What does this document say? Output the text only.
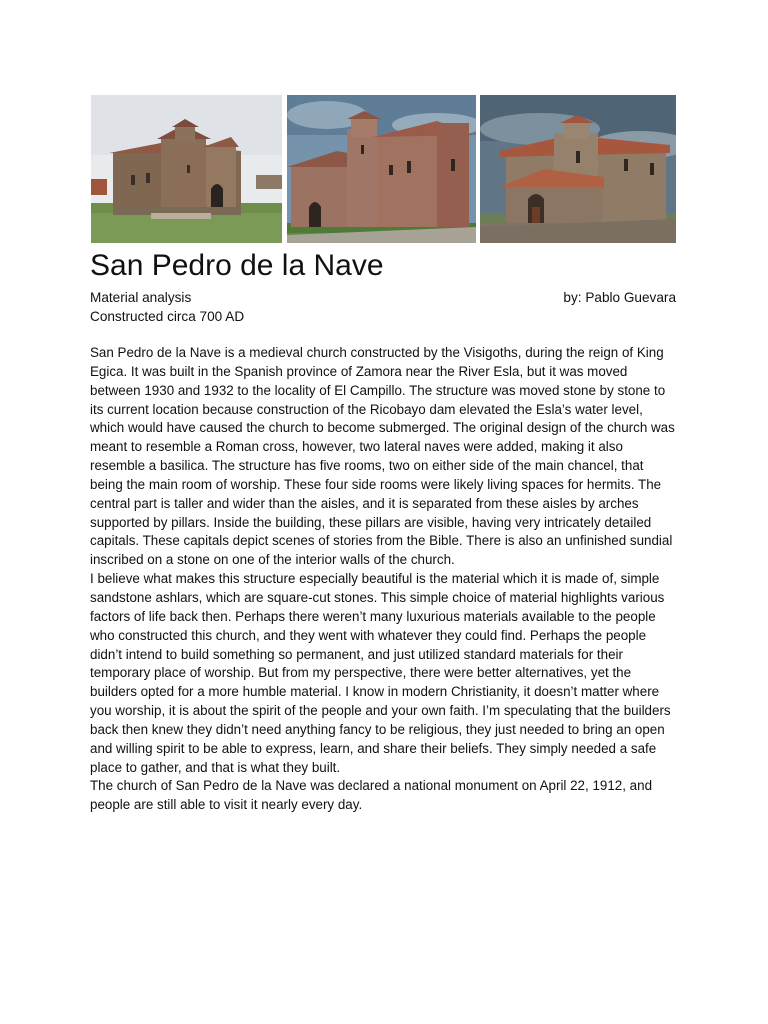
San Pedro de la Nave
Material analysis	by: Pablo Guevara
Constructed circa 700 AD

San Pedro de la Nave is a medieval church constructed by the Visigoths, during the reign of King Egica. It was built in the Spanish province of Zamora near the River Esla, but it was moved between 1930 and 1932 to the locality of El Campillo. The structure was moved stone by stone to its current location because construction of the Ricobayo dam elevated the Esla’s water level, which would have caused the church to become submerged. The original design of the church was meant to resemble a Roman cross, however, two lateral naves were added, making it also resemble a basilica. The structure has five rooms, two on either side of the main chancel, that being the main room of worship. These four side rooms were likely living spaces for hermits. The central part is taller and wider than the aisles, and it is separated from these aisles by arches supported by pillars. Inside the building, these pillars are visible, having very intricately detailed capitals. These capitals depict scenes of stories from the Bible. There is also an unfinished sundial inscribed on a stone on one of the interior walls of the church.

I believe what makes this structure especially beautiful is the material which it is made of, simple sandstone ashlars, which are square-cut stones. This simple choice of material highlights various factors of life back then. Perhaps there weren’t many luxurious materials available to the people who constructed this church, and they went with whatever they could find. Perhaps the people didn’t intend to build something so permanent, and just utilized standard materials for their temporary place of worship. But from my perspective, there were better alternatives, yet the builders opted for a more humble material. I know in modern Christianity, it doesn’t matter where you worship, it is about the spirit of the people and your own faith. I’m speculating that the builders back then knew they didn’t need anything fancy to be religious, they just needed to bring an open and willing spirit to be able to express, learn, and share their beliefs. They simply needed a safe place to gather, and that is what they built.

The church of San Pedro de la Nave was declared a national monument on April 22, 1912, and people are still able to visit it nearly every day.
